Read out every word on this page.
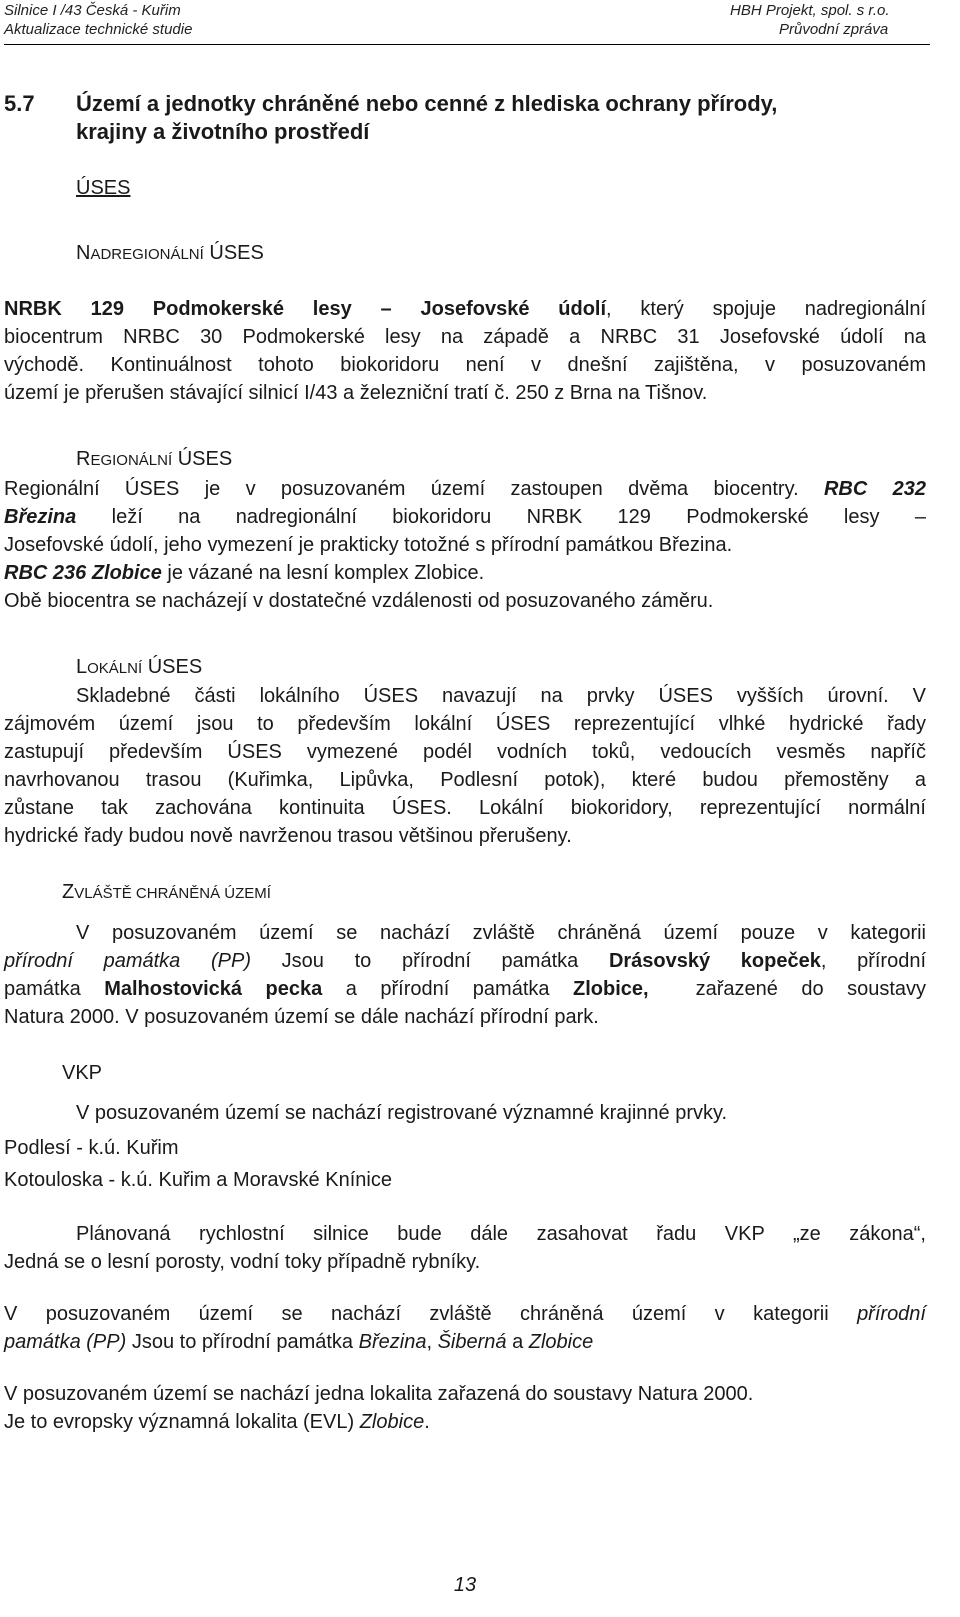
Silnice I /43 Česká - Kuřim
Aktualizace technické studie
HBH Projekt, spol. s r.o.
Průvodní zpráva
5.7 Území a jednotky chráněné nebo cenné z hlediska ochrany přírody,
krajiny a životního prostředí
ÚSES
NADREGIONÁLNÍ ÚSES
NRBK 129 Podmokerské lesy – Josefovské údolí, který spojuje nadregionální
biocentrum NRBC 30 Podmokerské lesy na západě a NRBC 31 Josefovské údolí na
východě. Kontinuálnost tohoto biokoridoru není v dnešní zajištěna, v posuzovaném
území je přerušen stávající silnicí I/43 a železniční tratí č. 250 z Brna na Tišnov.
REGIONÁLNÍ ÚSES
Regionální ÚSES je v posuzovaném území zastoupen dvěma biocentry. RBC 232
Březina leží na nadregionální biokoridoru NRBK 129 Podmokerské lesy –
Josefovské údolí, jeho vymezení je prakticky totožné s přírodní památkou Březina.
RBC 236 Zlobice je vázané na lesní komplex Zlobice.
Obě biocentra se nacházejí v dostatečné vzdálenosti od posuzovaného záměru.
LOKÁLNÍ ÚSES
Skladebné části lokálního ÚSES navazují na prvky ÚSES vyšších úrovní. V
zájmovém území jsou to především lokální ÚSES reprezentující vlhké hydrické řady
zastupují především ÚSES vymezené podél vodních toků, vedoucích vesměs napříč
navrhovanou trasou (Kuřimka, Lipůvka, Podlesní potok), které budou přemostěny a
zůstane tak zachována kontinuita ÚSES. Lokální biokoridory, reprezentující normální
hydrické řady budou nově navrženou trasou většinou přerušeny.
ZVLÁŠTĚ CHRÁNĚNÁ ÚZEMÍ
V posuzovaném území se nachází zvláště chráněná území pouze v kategorii
přírodní památka (PP) Jsou to přírodní památka Drásovský kopeček, přírodní
památka Malhostovická pecka a přírodní památka Zlobice, zařazené do soustavy
Natura 2000. V posuzovaném území se dále nachází přírodní park.
VKP
V posuzovaném území se nachází registrované významné krajinné prvky.
Podlesí - k.ú. Kuřim
Kotouloska - k.ú. Kuřim a Moravské Knínice
Plánovaná rychlostní silnice bude dále zasahovat řadu VKP „ze zákona“,
Jedná se o lesní porosty, vodní toky případně rybníky.
V posuzovaném území se nachází zvláště chráněná území v kategorii přírodní
památka (PP) Jsou to přírodní památka Březina, Šiberná a Zlobice
V posuzovaném území se nachází jedna lokalita zařazená do soustavy Natura 2000.
Je to evropsky významná lokalita (EVL) Zlobice.
13
